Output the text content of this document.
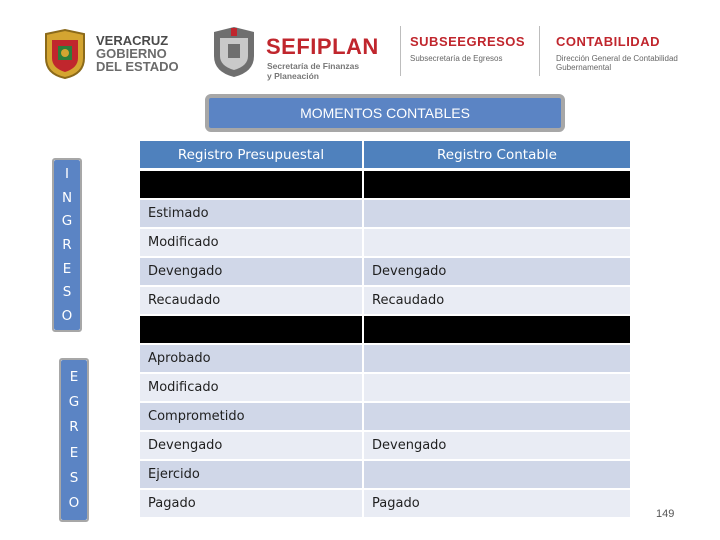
VERACRUZ
GOBIERNO
DEL ESTADO
SEFIPLAN
Secretaría de Finanzas
y Planeación
SUBSEEGRESOS
Subsecretaría de Egresos
CONTABILIDAD
Dirección General de Contabilidad
Gubernamental
MOMENTOS CONTABLES
Registro Presupuestal	Registro Contable
I
N
G
R
E
S
O
E
G
R
E
S
O
Estimado
Modificado
Devengado	Devengado
Recaudado	Recaudado
Aprobado
Modificado
Comprometido
Devengado	Devengado
Ejercido
Pagado	Pagado
149
